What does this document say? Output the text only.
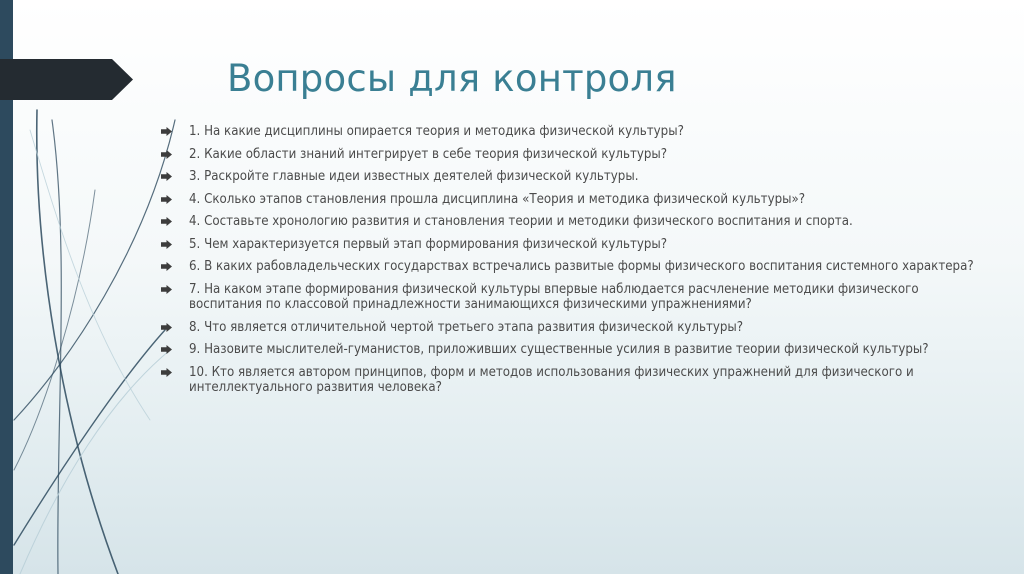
Вопросы для контроля
1. На какие дисциплины опирается теория и методика физической культуры?
2. Какие области знаний интегрирует в себе теория физической культуры?
3. Раскройте главные идеи известных деятелей физической культуры.
4. Сколько этапов становления прошла дисциплина «Теория и методика физической культуры»?
4. Составьте хронологию развития и становления теории и методики физического воспитания и спорта.
5. Чем характеризуется первый этап формирования физической культуры?
6. В каких рабовладельческих государствах встречались развитые формы физического воспитания системного характера?
7. На каком этапе формирования физической культуры впервые наблюдается расчленение методики физического воспитания по классовой принадлежности занимающихся физическими упражнениями?
8. Что является отличительной чертой третьего этапа развития физической культуры?
9. Назовите мыслителей-гуманистов, приложивших существенные усилия в развитие теории физической культуры?
10. Кто является автором принципов, форм и методов использования физических упражнений для физического и интеллектуального развития человека?
